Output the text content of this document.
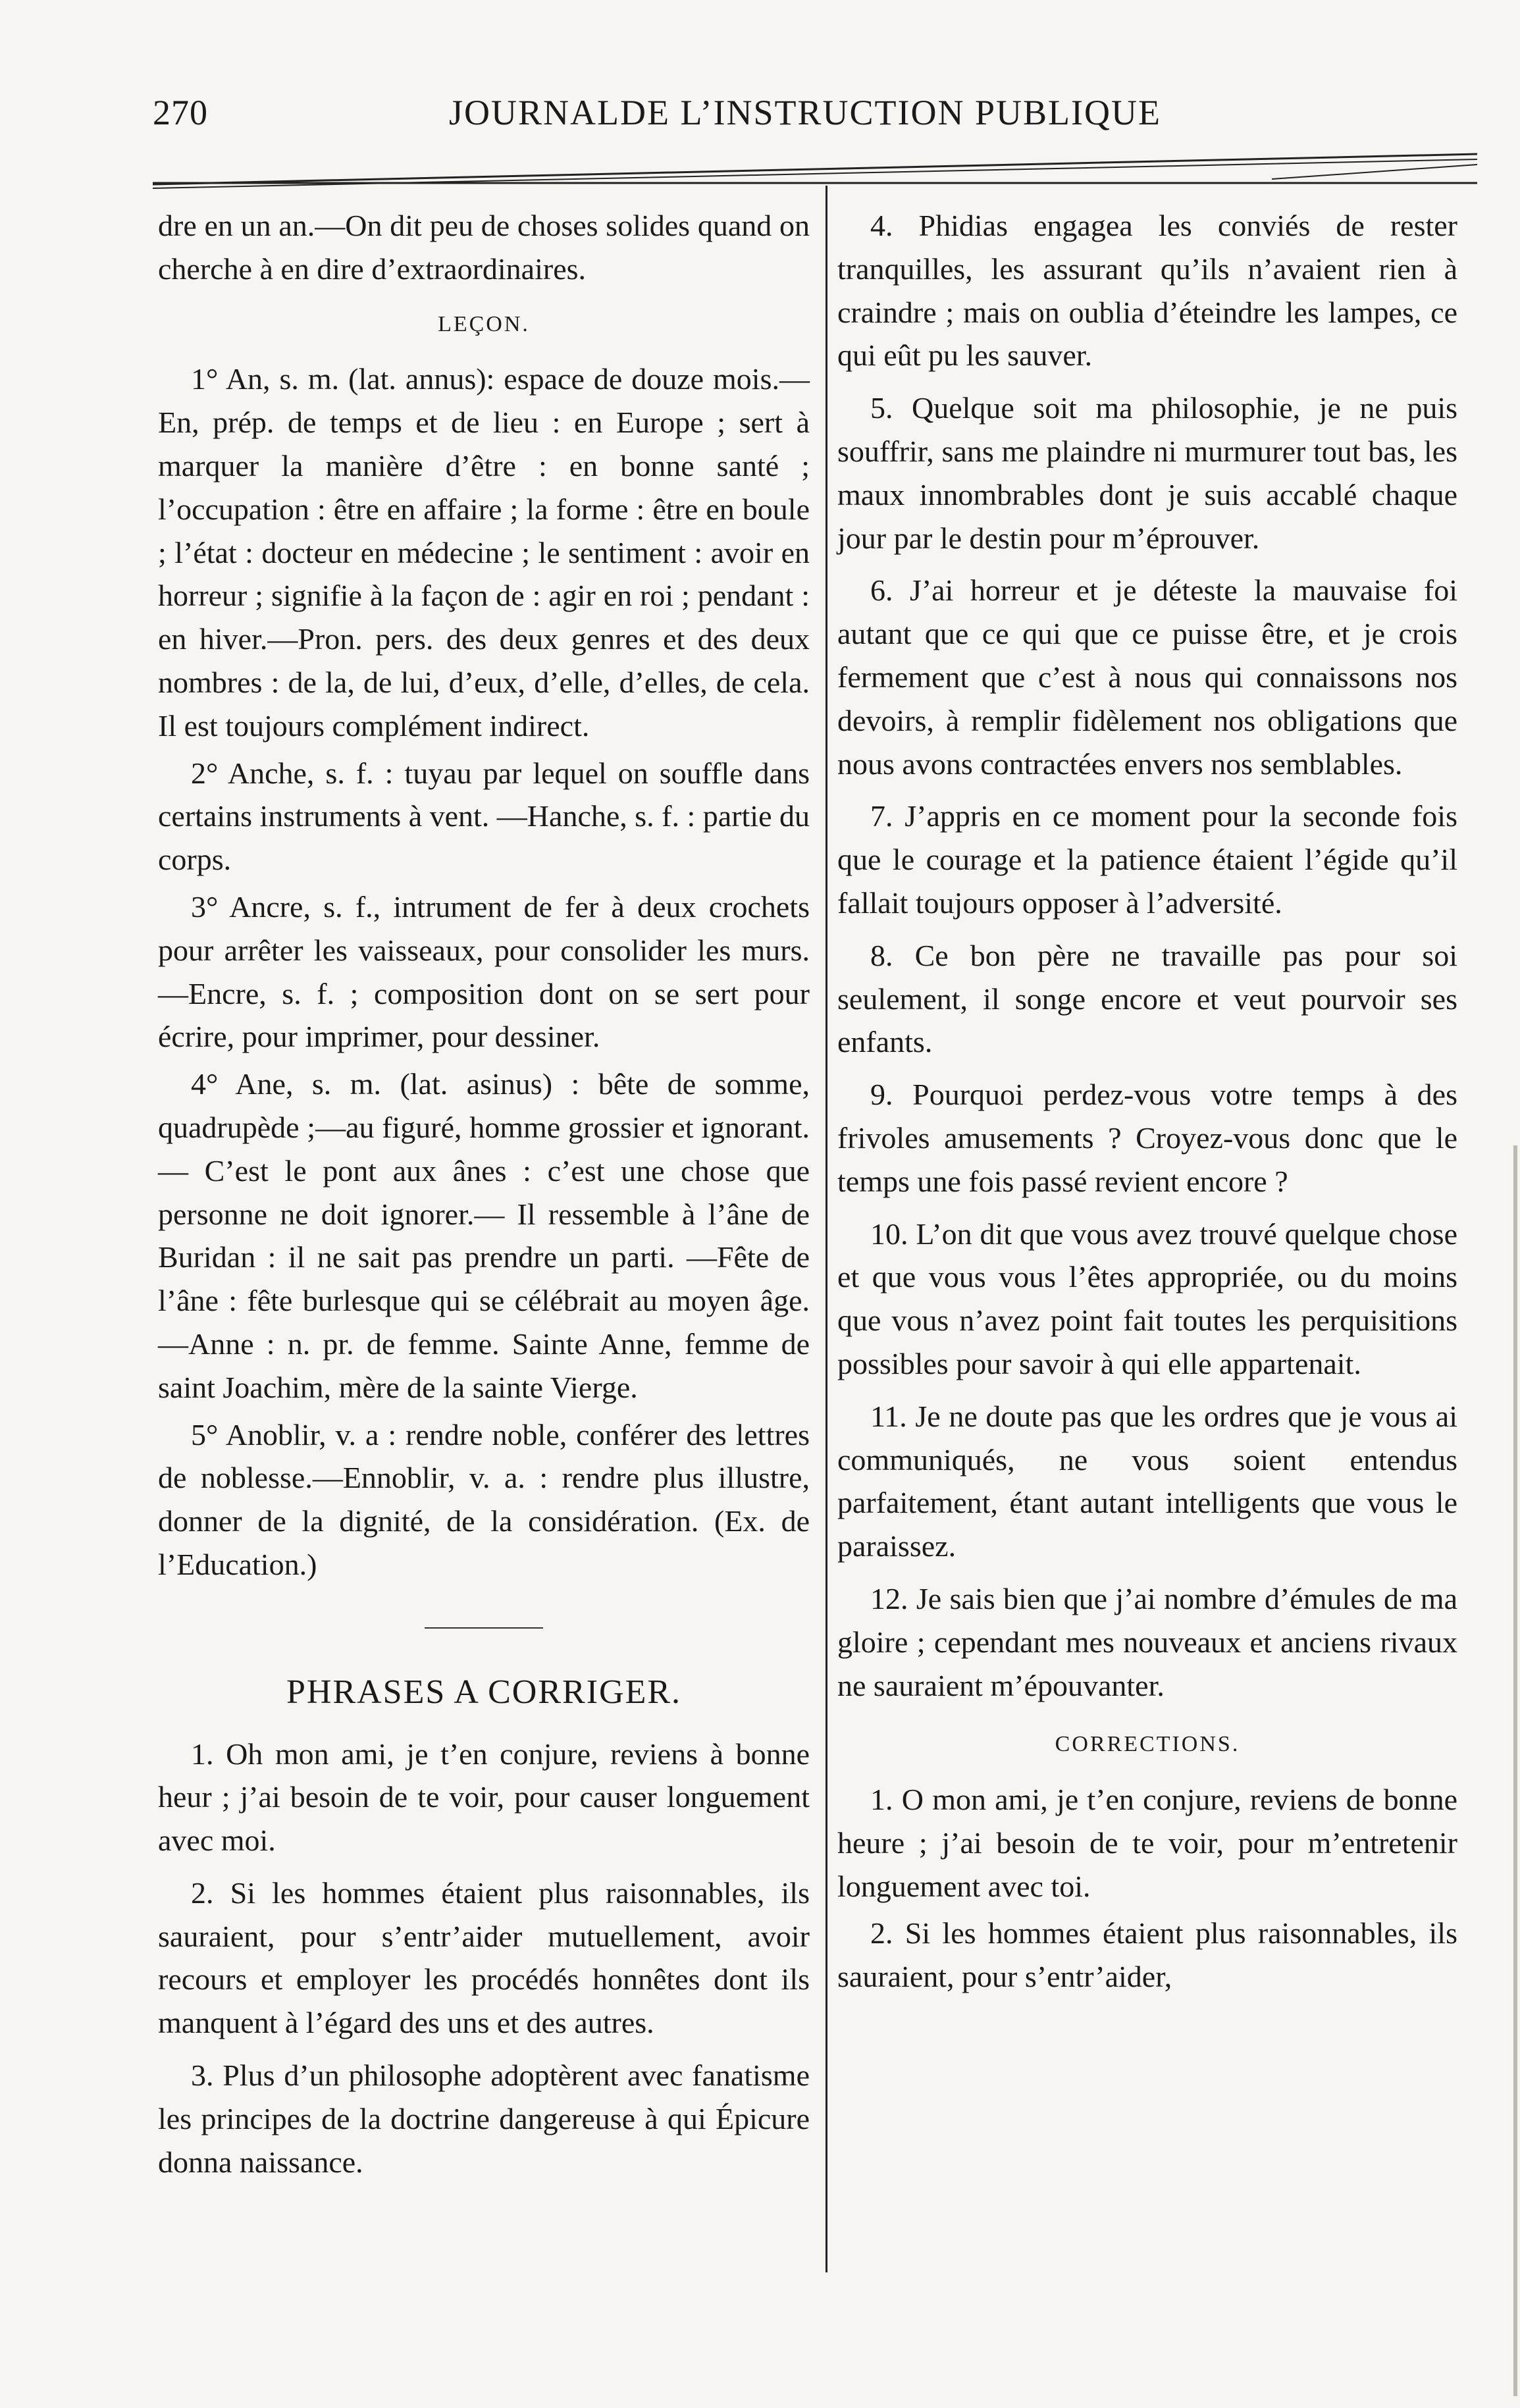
270	JOURNALDE L’INSTRUCTION PUBLIQUE

dre en un an.—On dit peu de choses solides quand on cherche à en dire d’extraordinaires.

LEÇON.

1° An, s. m. (lat. annus): espace de douze mois.—En, prép. de temps et de lieu : en Europe ; sert à marquer la manière d’être : en bonne santé ; l’occupation : être en affaire ; la forme : être en boule ; l’état : docteur en médecine ; le sentiment : avoir en horreur ; signifie à la façon de : agir en roi ; pendant : en hiver.—Pron. pers. des deux genres et des deux nombres : de la, de lui, d’eux, d’elle, d’elles, de cela. Il est toujours complément indirect.

2° Anche, s. f. : tuyau par lequel on souffle dans certains instruments à vent. —Hanche, s. f. : partie du corps.

3° Ancre, s. f., intrument de fer à deux crochets pour arrêter les vaisseaux, pour consolider les murs.—Encre, s. f. ; composition dont on se sert pour écrire, pour imprimer, pour dessiner.

4° Ane, s. m. (lat. asinus) : bête de somme, quadrupède ;—au figuré, homme grossier et ignorant.— C’est le pont aux ânes : c’est une chose que personne ne doit ignorer.— Il ressemble à l’âne de Buridan : il ne sait pas prendre un parti. —Fête de l’âne : fête burlesque qui se célébrait au moyen âge.—Anne : n. pr. de femme. Sainte Anne, femme de saint Joachim, mère de la sainte Vierge.

5° Anoblir, v. a : rendre noble, conférer des lettres de noblesse.—Ennoblir, v. a. : rendre plus illustre, donner de la dignité, de la considération. (Ex. de l’Education.)

PHRASES A CORRIGER.

1. Oh mon ami, je t’en conjure, reviens à bonne heur ; j’ai besoin de te voir, pour causer longuement avec moi.

2. Si les hommes étaient plus raisonnables, ils sauraient, pour s’entr’aider mutuellement, avoir recours et employer les procédés honnêtes dont ils manquent à l’égard des uns et des autres.

3. Plus d’un philosophe adoptèrent avec fanatisme les principes de la doctrine dangereuse à qui Épicure donna naissance.

4. Phidias engagea les conviés de rester tranquilles, les assurant qu’ils n’avaient rien à craindre ; mais on oublia d’éteindre les lampes, ce qui eût pu les sauver.

5. Quelque soit ma philosophie, je ne puis souffrir, sans me plaindre ni murmurer tout bas, les maux innombrables dont je suis accablé chaque jour par le destin pour m’éprouver.

6. J’ai horreur et je déteste la mauvaise foi autant que ce qui que ce puisse être, et je crois fermement que c’est à nous qui connaissons nos devoirs, à remplir fidèlement nos obligations que nous avons contractées envers nos semblables.

7. J’appris en ce moment pour la seconde fois que le courage et la patience étaient l’égide qu’il fallait toujours opposer à l’adversité.

8. Ce bon père ne travaille pas pour soi seulement, il songe encore et veut pourvoir ses enfants.

9. Pourquoi perdez-vous votre temps à des frivoles amusements ? Croyez-vous donc que le temps une fois passé revient encore ?

10. L’on dit que vous avez trouvé quelque chose et que vous vous l’êtes appropriée, ou du moins que vous n’avez point fait toutes les perquisitions possibles pour savoir à qui elle appartenait.

11. Je ne doute pas que les ordres que je vous ai communiqués, ne vous soient entendus parfaitement, étant autant intelligents que vous le paraissez.

12. Je sais bien que j’ai nombre d’émules de ma gloire ; cependant mes nouveaux et anciens rivaux ne sauraient m’épouvanter.

CORRECTIONS.

1. O mon ami, je t’en conjure, reviens de bonne heure ; j’ai besoin de te voir, pour m’entretenir longuement avec toi.

2. Si les hommes étaient plus raisonnables, ils sauraient, pour s’entr’aider,
